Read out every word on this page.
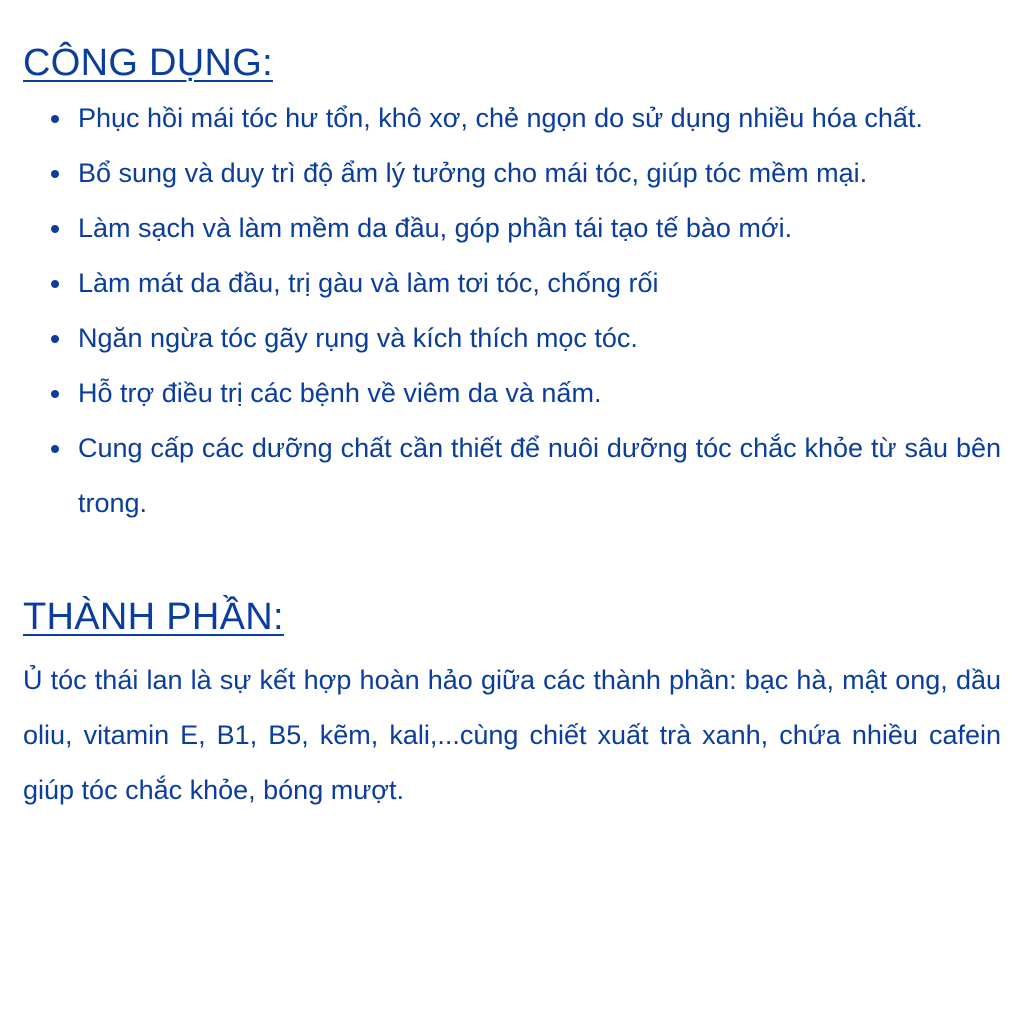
CÔNG DỤNG:
Phục hồi mái tóc hư tổn, khô xơ, chẻ ngọn do sử dụng nhiều hóa chất.
Bổ sung và duy trì độ ẩm lý tưởng cho mái tóc, giúp tóc mềm mại.
Làm sạch và làm mềm da đầu, góp phần tái tạo tế bào mới.
Làm mát da đầu, trị gàu và làm tơi tóc, chống rối
Ngăn ngừa tóc gãy rụng và kích thích mọc tóc.
Hỗ trợ điều trị các bệnh về viêm da và nấm.
Cung cấp các dưỡng chất cần thiết để nuôi dưỡng tóc chắc khỏe từ sâu bên trong.
THÀNH PHẦN:

Ủ tóc thái lan là sự kết hợp hoàn hảo giữa các thành phần: bạc hà, mật ong, dầu oliu, vitamin E, B1, B5, kẽm, kali,...cùng chiết xuất trà xanh, chứa nhiều cafein giúp tóc chắc khỏe, bóng mượt.
